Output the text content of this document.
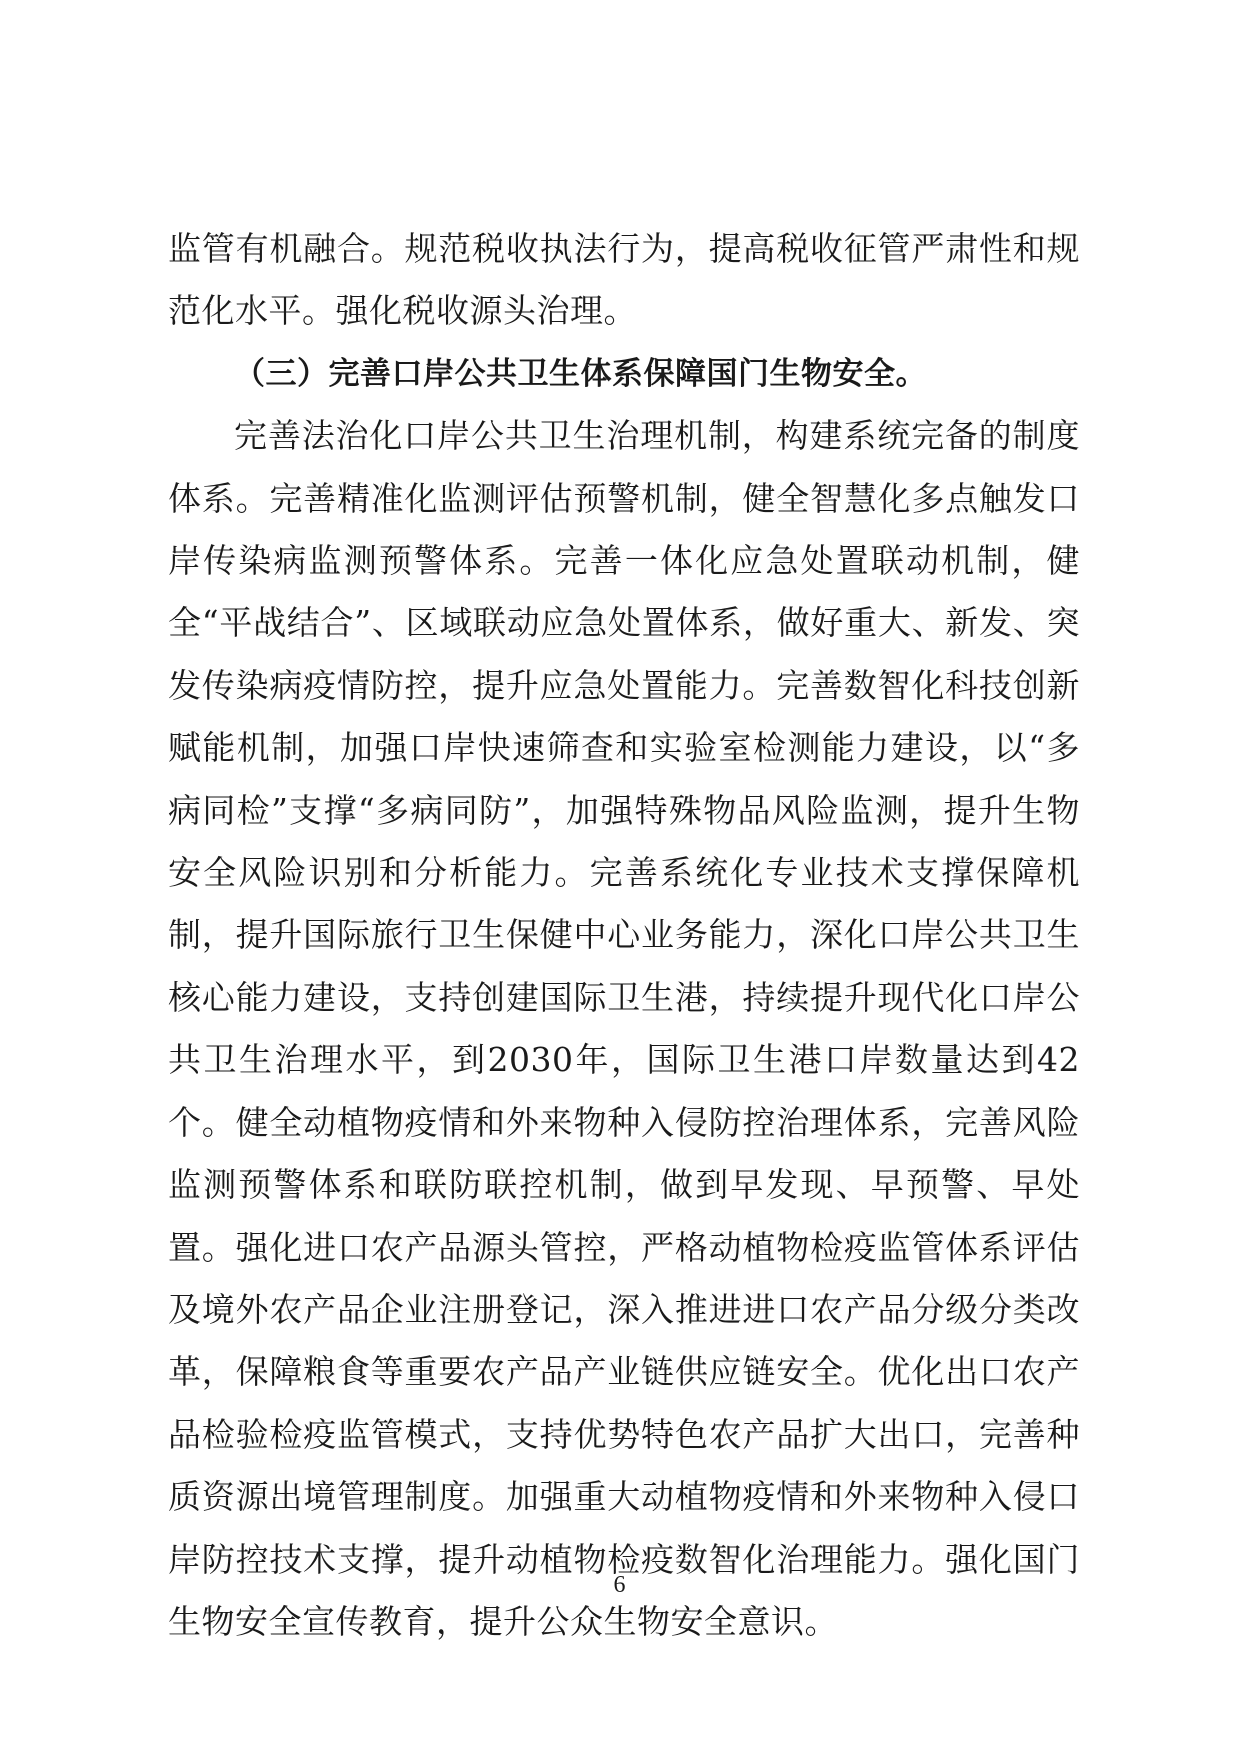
监管有机融合。规范税收执法行为，提高税收征管严肃性和规范化水平。强化税收源头治理。

（三）完善口岸公共卫生体系保障国门生物安全。

完善法治化口岸公共卫生治理机制，构建系统完备的制度体系。完善精准化监测评估预警机制，健全智慧化多点触发口岸传染病监测预警体系。完善一体化应急处置联动机制，健全“平战结合”、区域联动应急处置体系，做好重大、新发、突发传染病疫情防控，提升应急处置能力。完善数智化科技创新赋能机制，加强口岸快速筛查和实验室检测能力建设，以“多病同检”支撑“多病同防”，加强特殊物品风险监测，提升生物安全风险识别和分析能力。完善系统化专业技术支撑保障机制，提升国际旅行卫生保健中心业务能力，深化口岸公共卫生核心能力建设，支持创建国际卫生港，持续提升现代化口岸公共卫生治理水平，到2030年，国际卫生港口岸数量达到42个。健全动植物疫情和外来物种入侵防控治理体系，完善风险监测预警体系和联防联控机制，做到早发现、早预警、早处置。强化进口农产品源头管控，严格动植物检疫监管体系评估及境外农产品企业注册登记，深入推进进口农产品分级分类改革，保障粮食等重要农产品产业链供应链安全。优化出口农产品检验检疫监管模式，支持优势特色农产品扩大出口，完善种质资源出境管理制度。加强重大动植物疫情和外来物种入侵口岸防控技术支撑，提升动植物检疫数智化治理能力。强化国门生物安全宣传教育，提升公众生物安全意识。

6
